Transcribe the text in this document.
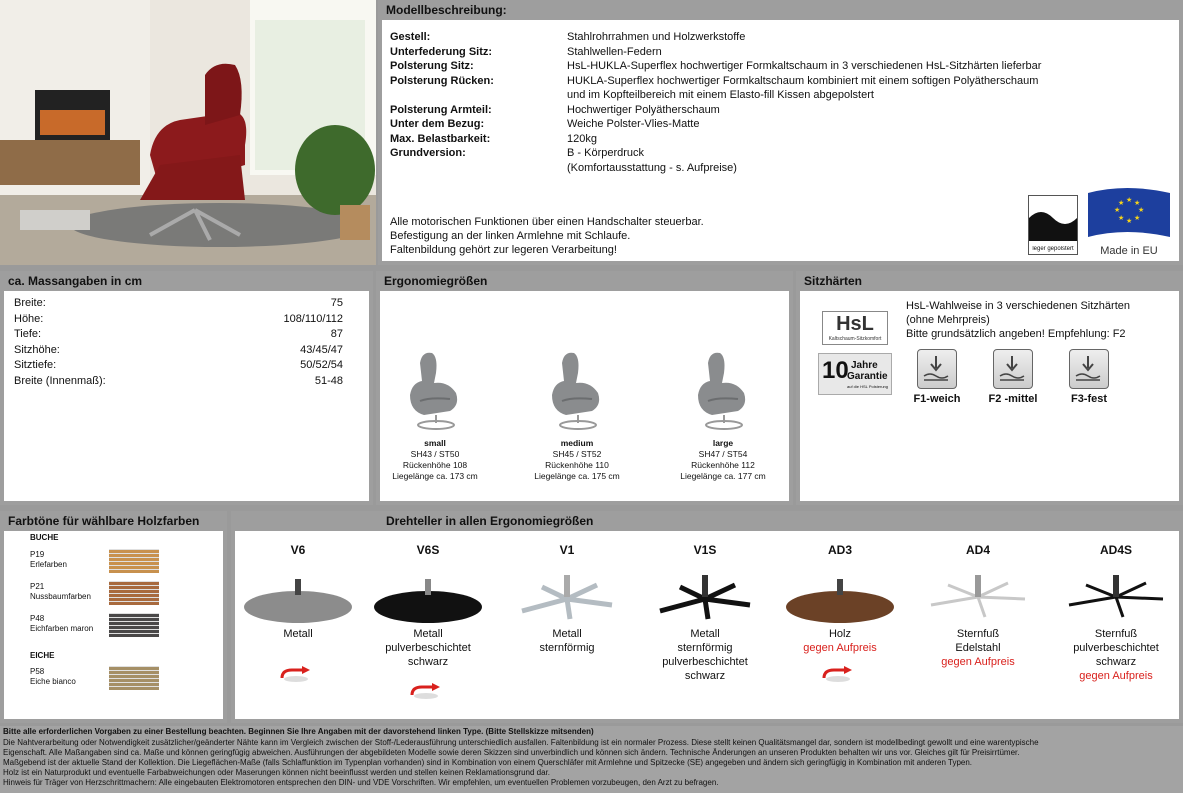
Modellbeschreibung:
Gestell:	Stahlrohrrahmen und Holzwerkstoffe
Unterfederung Sitz:	Stahlwellen-Federn
Polsterung Sitz:	HsL-HUKLA-Superflex hochwertiger Formkaltschaum in 3 verschiedenen HsL-Sitzhärten lieferbar
Polsterung Rücken:	HUKLA-Superflex hochwertiger Formkaltschaum kombiniert mit einem softigen Polyätherschaum
und im Kopfteilbereich mit einem Elasto-fill Kissen abgepolstert
Polsterung Armteil:	Hochwertiger Polyätherschaum
Unter dem Bezug:	Weiche Polster-Vlies-Matte
Max. Belastbarkeit:	120kg
Grundversion:	B - Körperdruck
(Komfortausstattung - s. Aufpreise)
Alle motorischen Funktionen über einen Handschalter steuerbar.
Befestigung an der linken Armlehne mit Schlaufe.
Faltenbildung gehört zur legeren Verarbeitung!	leger gepolstert
★ ★
★
★
★
★
★
★
Made in EU
ca. Massangaben in cm
Breite:	75
Höhe:	108/110/112
Tiefe:	87
Sitzhöhe:	43/45/47
Sitztiefe:	50/52/54
Breite (Innenmaß):	51-48
Ergonomiegrößen
small
SH43 / ST50
Rückenhöhe 108
Liegelänge ca. 173 cm
medium
SH45 / ST52
Rückenhöhe 110
Liegelänge ca. 175 cm
large
SH47 / ST54
Rückenhöhe 112
Liegelänge ca. 177 cm
Sitzhärten
HsL
Kaltschaum-Sitzkomfort
10 Jahre
Garantie
auf die HSL Polsterung
HsL-Wahlweise in 3 verschiedenen Sitzhärten
(ohne Mehrpreis)
Bitte grundsätzlich angeben! Empfehlung: F2
F1-weich	F2 -mittel	F3-fest
Farbtöne für wählbare Holzfarben
BUCHE
EICHE
P19
Erlefarben
P21
Nussbaumfarben
P48
Eichfarben maron
P58
Eiche bianco
Drehteller in allen Ergonomiegrößen
V6
Metall
V6S
Metall
pulverbeschichtet
schwarz
V1
Metall
sternförmig
V1S
Metall
sternförmig
pulverbeschichtet
schwarz
AD3
Holz
gegen Aufpreis
AD4
Sternfuß
Edelstahl
gegen Aufpreis
AD4S
Sternfuß
pulverbeschichtet
schwarz
gegen Aufpreis
Bitte alle erforderlichen Vorgaben zu einer Bestellung beachten. Beginnen Sie Ihre Angaben mit der davorstehend linken Type. (Bitte Stellskizze mitsenden)
Die Nahtverarbeitung oder Notwendigkeit zusätzlicher/geänderter Nähte kann im Vergleich zwischen der Stoff-/Lederausführung unterschiedlich ausfallen. Faltenbildung ist ein normaler Prozess. Diese stellt keinen Qualitätsmangel dar, sondern ist modellbedingt gewollt und eine warentypische
Eigenschaft. Alle Maßangaben sind ca. Maße und können geringfügig abweichen. Ausführungen der abgebildeten Modelle sowie deren Skizzen sind unverbindlich und können sich ändern. Technische Änderungen an unseren Produkten behalten wir uns vor. Gleiches gilt für Preisirrtümer.
Maßgebend ist der aktuelle Stand der Kollektion. Die Liegeflächen-Maße (falls Schlaffunktion im Typenplan vorhanden) sind in Kombination von einem Querschläfer mit Armlehne und Spitzecke (SE) angegeben und ändern sich geringfügig in Kombination mit anderen Typen.
Holz ist ein Naturprodukt und eventuelle Farbabweichungen oder Maserungen können nicht beeinflusst werden und stellen keinen Reklamationsgrund dar.
Hinweis für Träger von Herzschrittmachern: Alle eingebauten Elektromotoren entsprechen den DIN- und VDE Vorschriften. Wir empfehlen, um eventuellen Problemen vorzubeugen, den Arzt zu befragen.
